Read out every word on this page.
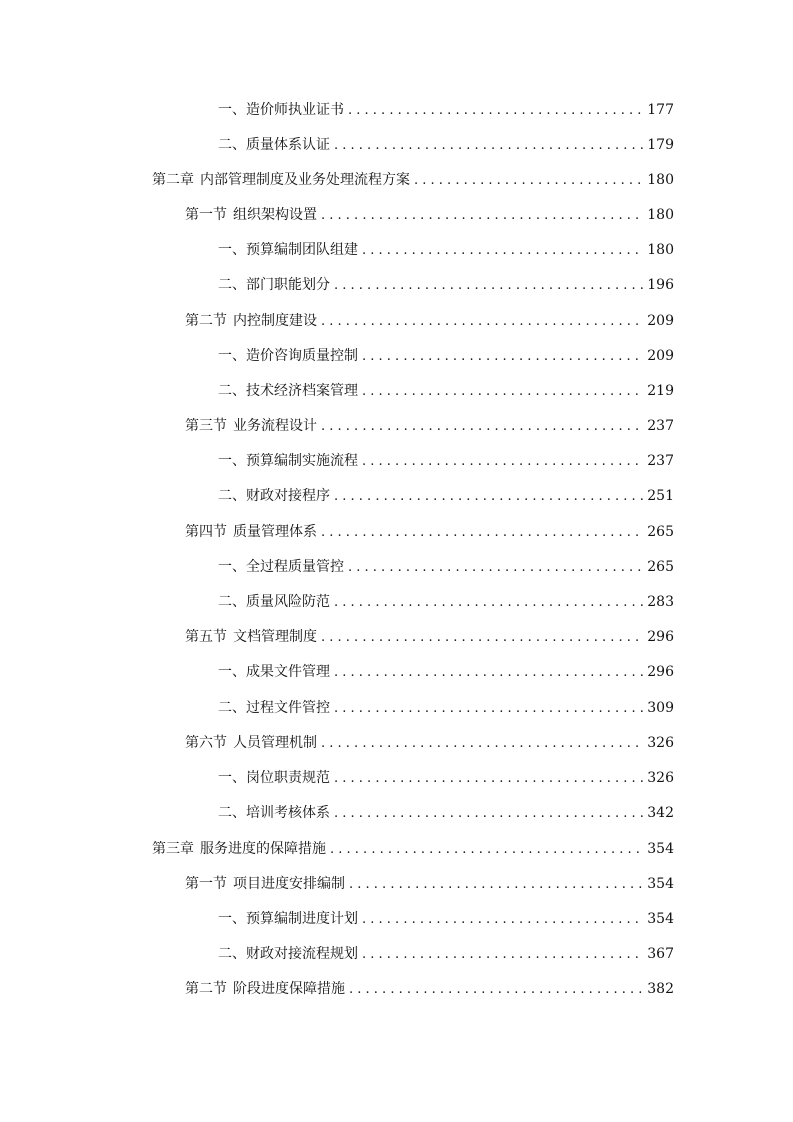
一、 造价师执业证书 . . .	177
二、 质量体系认证 . . .	179
第二章 内部管理制度及业务处理流程方案 . . .	180
第一节 组织架构设置 . . .	180
一、 预算编制团队组建 . . .	180
二、 部门职能划分 . . .	196
第二节 内控制度建设 . . .	209
一、 造价咨询质量控制 . . .	209
二、 技术经济档案管理 . . .	219
第三节 业务流程设计 . . .	237
一、 预算编制实施流程 . . .	237
二、 财政对接程序 . . .	251
第四节 质量管理体系 . . .	265
一、 全过程质量管控 . . .	265
二、 质量风险防范 . . .	283
第五节 文档管理制度 . . .	296
一、 成果文件管理 . . .	296
二、 过程文件管控 . . .	309
第六节 人员管理机制 . . .	326
一、 岗位职责规范 . . .	326
二、 培训考核体系 . . .	342
第三章 服务进度的保障措施 . . .	354
第一节 项目进度安排编制 . . .	354
一、 预算编制进度计划 . . .	354
二、 财政对接流程规划 . . .	367
第二节 阶段进度保障措施 . . .	382
